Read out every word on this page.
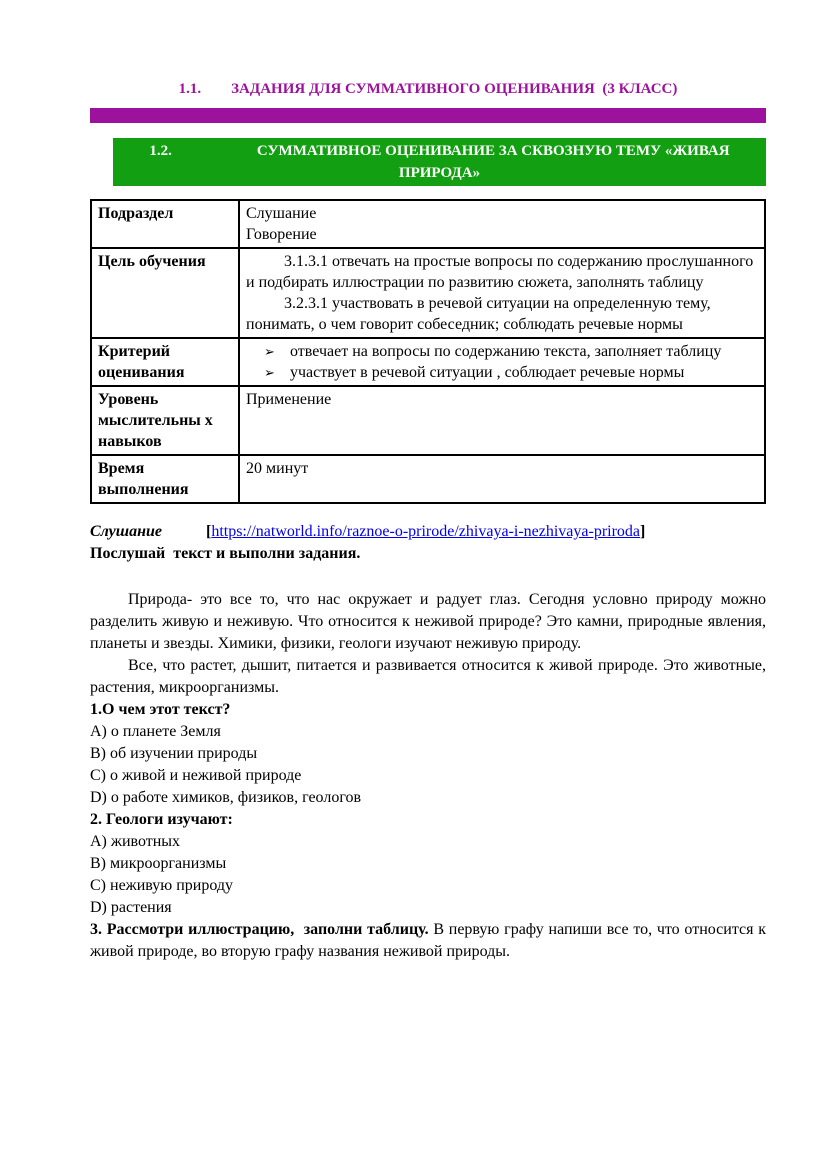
1.1. ЗАДАНИЯ ДЛЯ СУММАТИВНОГО ОЦЕНИВАНИЯ  (3 КЛАСС)
1.2.	СУММАТИВНОЕ ОЦЕНИВАНИЕ ЗА СКВОЗНУЮ ТЕМУ «ЖИВАЯ
ПРИРОДА»
Подраздел	Слушание
Говорение

Цель обучения	3.1.3.1 отвечать на простые вопросы по содержанию прослушанного и подбирать иллюстрации по развитию сюжета, заполнять таблицу
3.2.3.1 участвовать в речевой ситуации на определенную тему, понимать, о чем говорит собеседник; соблюдать речевые нормы

Критерий оценивания	➢ отвечает на вопросы по содержанию текста, заполняет таблицу
➢ участвует в речевой ситуации , соблюдает речевые нормы

Уровень мыслительны х навыков	Применение
Время выполнения	20 минут
Слушание	[https://natworld.info/raznoe-o-prirode/zhivaya-i-nezhivaya-priroda]
Послушай  текст и выполни задания.

Природа- это все то, что нас окружает и радует глаз. Сегодня условно природу можно разделить живую и неживую. Что относится к неживой природе? Это камни, природные явления, планеты и звезды. Химики, физики, геологи изучают неживую природу.

Все, что растет, дышит, питается и развивается относится к живой природе. Это животные, растения, микроорганизмы.

1.О чем этот текст?
А) о планете Земля
B) об изучении природы
C) о живой и неживой природе
D) о работе химиков, физиков, геологов
2. Геологи изучают:
А) животных
B) микроорганизмы
C) неживую природу
D) растения

3. Рассмотри иллюстрацию,  заполни таблицу. В первую графу напиши все то, что относится к живой природе, во вторую графу названия неживой природы.
